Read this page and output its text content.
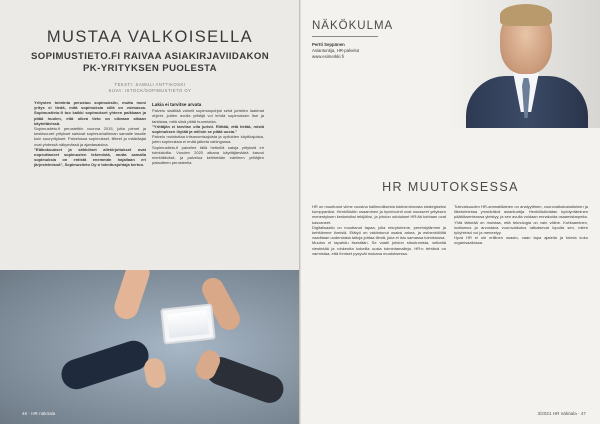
MUSTAA VALKOISELLA
SOPIMUSTIETO.FI RAIVAA ASIAKIRJAVIIDAKON
PK-YRITYKSEN PUOLESTA
TEKSTI: SAMULI ANTTIKOSKI
KUVA: ISTOCK/SOPIMUSTIETO OY

Yritysten toiminta perustuu sopimuksiin, mutta moni yritys ei tiedä, mitä sopimuksia sillä on voimassa. Sopimustieto.fi tuo kaikki sopimukset yhteen paikkaan ja pitää huolen, että oikea tieto on oikeaan aikaan käytettävissä.

Sopimustieto.fi perustettiin vuonna 2015, jotta pienet ja keskisuuret yritykset saisivat sopimushallinnan samalle tasolle kuin suuryritykset. Palvelussa sopimukset, liitteet ja määräajat ovat yhdessä näkymässä ja ajantasaisina.

"Etäkokoukset ja sähköiset allekirjoitukset ovat nopeuttaneet sopimusten tekemistä, mutta samalla sopimuksia on entistä enemmän hajallaan eri järjestelmissä", Sopimustieto Oy:n toimitusjohtaja kertoo.

Lakia ei tarvitse arvata

Palvelu sisältää valmiit sopimuspohjat sekä juristien laatimat ohjeet, joiden avulla yrittäjä voi tehdä sopimuksen itse ja tarkistaa, mitä siinä pitää huomioida.

"Yrittäjän ei tarvitse olla juristi. Riittää, että tietää, mistä sopimuksen löytää ja milloin se pitää uusia."

Palvelu muistuttaa irtisanomisajoista ja optioiden käyttöajoista, joten sopimuksia ei enää jatketa vahingossa.

Sopimustieto.fi palvelee tällä hetkellä satoja yrityksiä eri toimialoilta. Vuoden 2020 aikana käyttäjämäärä kasvoi merkittävästi, ja palvelua kehitetään edelleen yrittäjien palautteen perusteella.

46 · HR näköala
NÄKÖKULMA
Pertti Seppänen
Asiantuntija, HR-palvelut
www.esimerkki.fi
HR MUUTOKSESSA

HR on muuttunut viime vuosina hallinnollisesta tukitoiminnosta strategiseksi kumppaniksi. Henkilöstön osaaminen ja hyvinvointi ovat nousseet yrityksen menestyksen keskeisiksi tekijöiksi, ja johdon odotukset HR:ää kohtaan ovat kasvaneet.

Digitalisaatio on muuttanut tapaa, jolla rekrytoimme, perehdytämme ja kehitämme ihmisiä. Etätyö on vakiintunut osaksi arkea, ja esihenkilöiltä vaaditaan uudenlaisia taitoja johtaa tiimiä, joka ei istu samassa toimistossa.

Muutos ei tapahdu itsestään. Se vaatii johdon sitoutumista, selkeää viestintää ja rohkeutta kokeilla uusia toimintamalleja. HR:n tehtävä on varmistaa, että ihmiset pysyvät mukana muutoksessa.

Tulevaisuuden HR-ammattilainen on analyyttinen, vuorovaikutustaitoinen ja liiketoimintaa ymmärtävä asiantuntija. Henkilöstödatan hyödyntäminen päätöksenteossa yleistyy, ja sen avulla voidaan ennakoida osaamistarpeita.

Yhtä tärkeää on muistaa, että teknologia on vain väline. Kohtaaminen, luottamus ja arvostava vuorovaikutus ratkaisevat lopulta sen, miten työyhteisö voi ja menestyy.

Hyvä HR ei ole erillinen osasto, vaan tapa ajatella ja toimia koko organisaatiossa.

3/2021 HR näköala · 47
